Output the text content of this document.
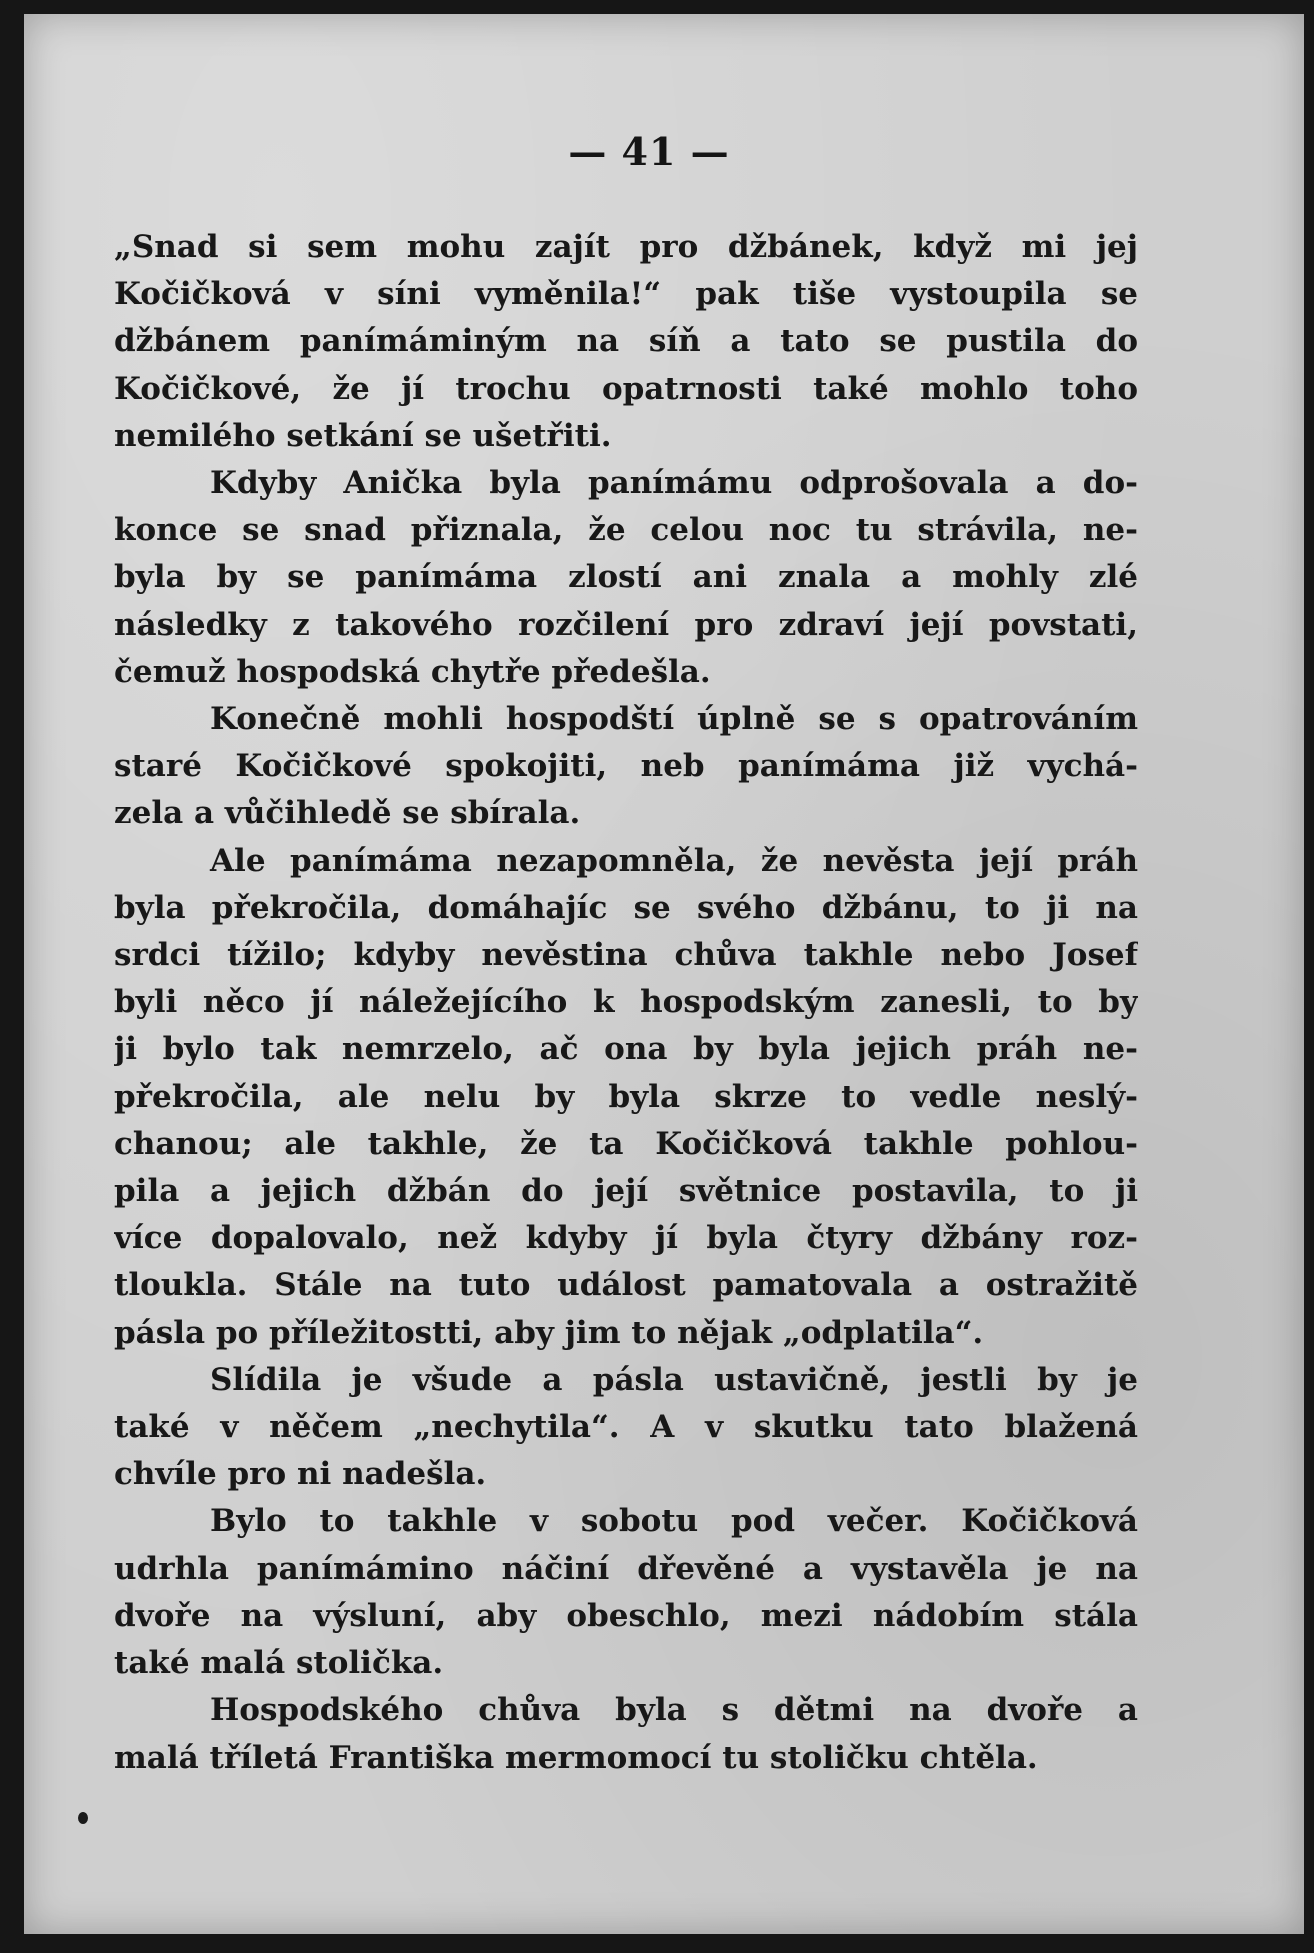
— 41 —
„Snad si sem mohu zajít pro džbánek, když mi jej
Kočičková v síni vyměnila!“ pak tiše vystoupila se
džbánem panímáminým na síň a tato se pustila do
Kočičkové, že jí trochu opatrnosti také mohlo toho
nemilého setkání se ušetřiti.
Kdyby Anička byla panímámu odprošovala a do-
konce se snad přiznala, že celou noc tu strávila, ne-
byla by se panímáma zlostí ani znala a mohly zlé
následky z takového rozčilení pro zdraví její povstati,
čemuž hospodská chytře předešla.
Konečně mohli hospodští úplně se s opatrováním
staré Kočičkové spokojiti, neb panímáma již vychá-
zela a vůčihledě se sbírala.
Ale panímáma nezapomněla, že nevěsta její práh
byla překročila, domáhajíc se svého džbánu, to ji na
srdci tížilo; kdyby nevěstina chůva takhle nebo Josef
byli něco jí náležejícího k hospodským zanesli, to by
ji bylo tak nemrzelo, ač ona by byla jejich práh ne-
překročila, ale nelu by byla skrze to vedle neslý-
chanou; ale takhle, že ta Kočičková takhle pohlou-
pila a jejich džbán do její světnice postavila, to ji
více dopalovalo, než kdyby jí byla čtyry džbány roz-
tloukla. Stále na tuto událost pamatovala a ostražitě
pásla po příležitostti, aby jim to nějak „odplatila“.
Slídila je všude a pásla ustavičně, jestli by je
také v něčem „nechytila“. A v skutku tato blažená
chvíle pro ni nadešla.
Bylo to takhle v sobotu pod večer. Kočičková
udrhla panímámino náčiní dřevěné a vystavěla je na
dvoře na výsluní, aby obeschlo, mezi nádobím stála
také malá stolička.
Hospodského chůva byla s dětmi na dvoře a
malá tříletá Františka mermomocí tu stoličku chtěla.
